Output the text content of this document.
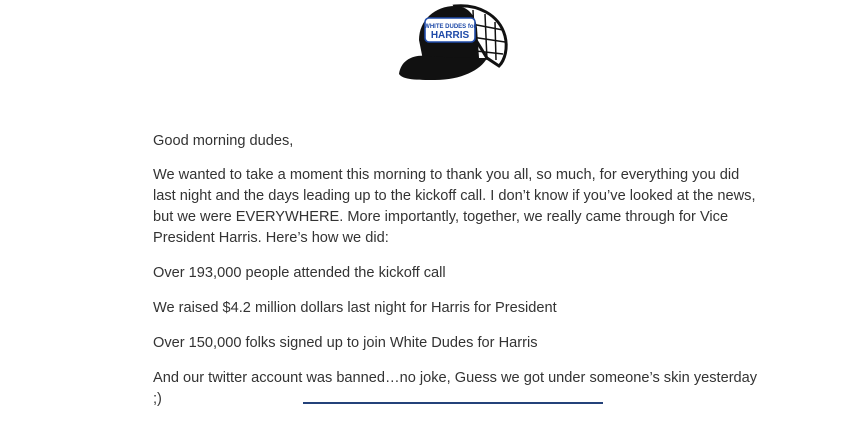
WHITE DUDES for
HARRIS

Good morning dudes,

We wanted to take a moment this morning to thank you all, so much, for everything you did last night and the days leading up to the kickoff call. I don’t know if you’ve looked at the news, but we were EVERYWHERE. More importantly, together, we really came through for Vice President Harris. Here’s how we did:

Over 193,000 people attended the kickoff call

We raised $4.2 million dollars last night for Harris for President

Over 150,000 folks signed up to join White Dudes for Harris

And our twitter account was banned…no joke, Guess we got under someone’s skin yesterday ;)
